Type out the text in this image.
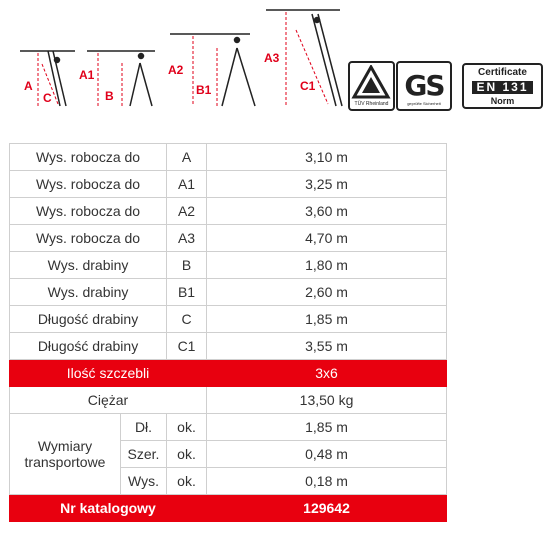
A
C
A1
B
A2
B1
A3
C1
TÜV Rheinland
GS
geprüfte Sicherheit
Certificate
EN 131
Norm
Wys. robocza do		A	3,10 m
Wys. robocza do		A1	3,25 m
Wys. robocza do		A2	3,60 m
Wys. robocza do		A3	4,70 m
Wys. drabiny		B	1,80 m
Wys. drabiny		B1	2,60 m
Długość drabiny		C	1,85 m
Długość drabiny		C1	3,55 m
Ilość szczebli			3x6
Ciężar			13,50 kg
Wymiary transportowe	Dł.	ok.	1,85 m
	Szer.	ok.	0,48 m
	Wys.	ok.	0,18 m
Nr katalogowy			129642
